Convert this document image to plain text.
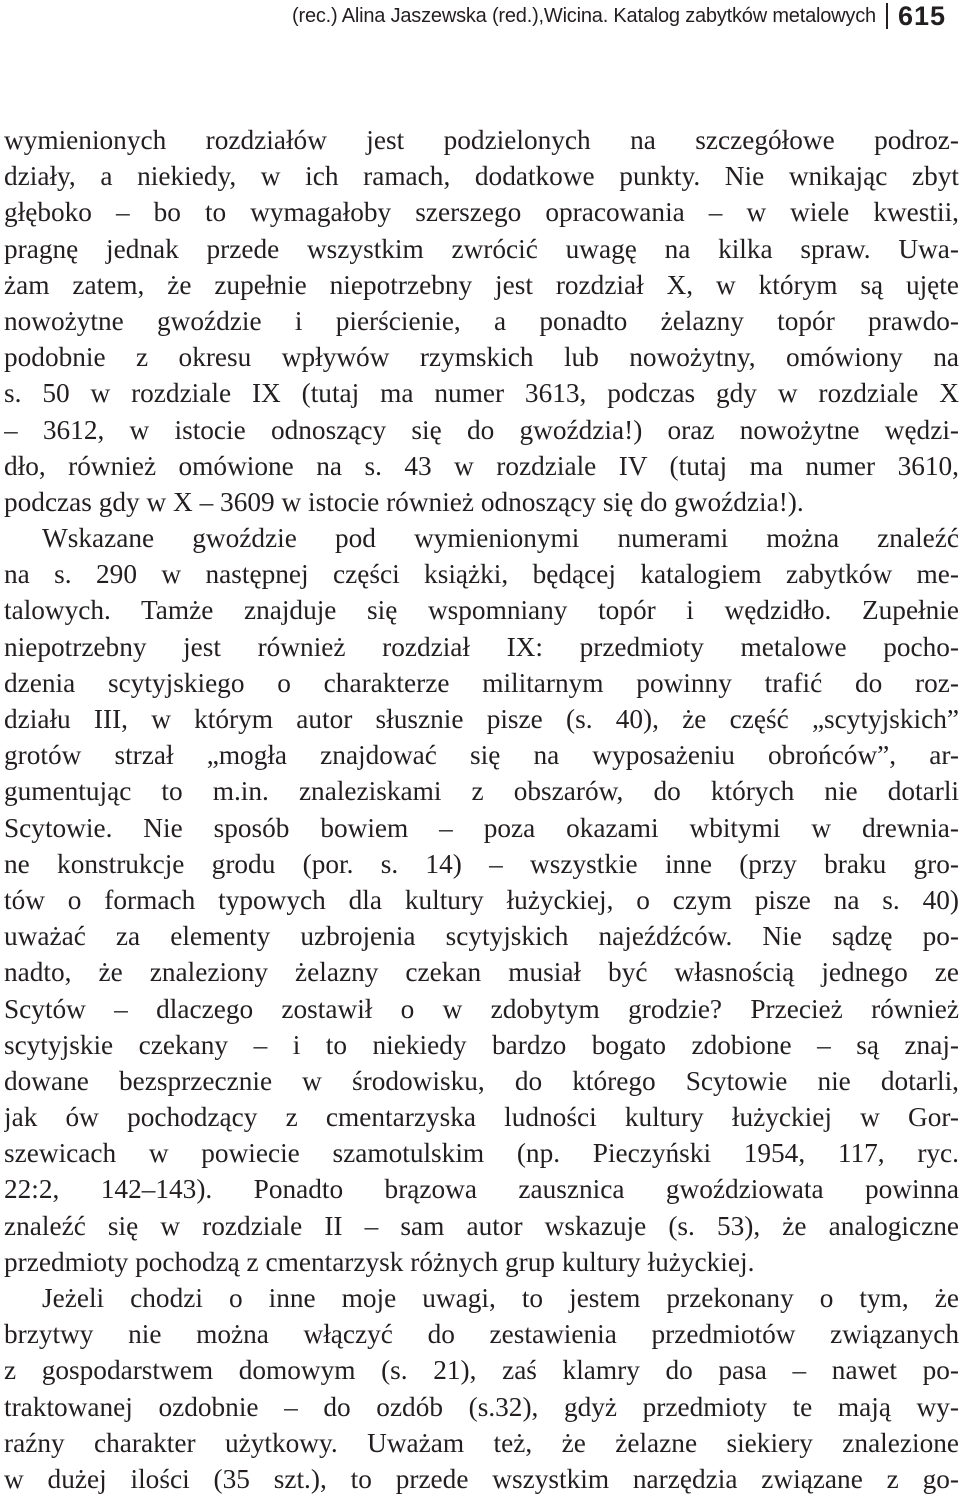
(rec.) Alina Jaszewska (red.), Wicina. Katalog zabytków metalowych 615
wymienionych rozdziałów jest podzielonych na szczegółowe podroz-
działy, a niekiedy, w ich ramach, dodatkowe punkty. Nie wnikając zbyt
głęboko – bo to wymagałoby szerszego opracowania – w wiele kwestii,
pragnę jednak przede wszystkim zwrócić uwagę na kilka spraw. Uwa-
żam zatem, że zupełnie niepotrzebny jest rozdział X, w którym są ujęte
nowożytne gwoździe i pierścienie, a ponadto żelazny topór prawdo-
podobnie z okresu wpływów rzymskich lub nowożytny, omówiony na
s. 50 w rozdziale IX (tutaj ma numer 3613, podczas gdy w rozdziale X
– 3612, w istocie odnoszący się do gwoździa!) oraz nowożytne wędzi-
dło, również omówione na s. 43 w rozdziale IV (tutaj ma numer 3610,
podczas gdy w X – 3609 w istocie również odnoszący się do gwoździa!).
Wskazane gwoździe pod wymienionymi numerami można znaleźć
na s. 290 w następnej części książki, będącej katalogiem zabytków me-
talowych. Tamże znajduje się wspomniany topór i wędzidło. Zupełnie
niepotrzebny jest również rozdział IX: przedmioty metalowe pocho-
dzenia scytyjskiego o charakterze militarnym powinny trafić do roz-
działu III, w którym autor słusznie pisze (s. 40), że część „scytyjskich”
grotów strzał „mogła znajdować się na wyposażeniu obrońców”, ar-
gumentując to m.in. znaleziskami z obszarów, do których nie dotarli
Scytowie. Nie sposób bowiem – poza okazami wbitymi w drewnia-
ne konstrukcje grodu (por. s. 14) – wszystkie inne (przy braku gro-
tów o formach typowych dla kultury łużyckiej, o czym pisze na s. 40)
uważać za elementy uzbrojenia scytyjskich najeźdźców. Nie sądzę po-
nadto, że znaleziony żelazny czekan musiał być własnością jednego ze
Scytów – dlaczego zostawił o w zdobytym grodzie? Przecież również
scytyjskie czekany – i to niekiedy bardzo bogato zdobione – są znaj-
dowane bezsprzecznie w środowisku, do którego Scytowie nie dotarli,
jak ów pochodzący z cmentarzyska ludności kultury łużyckiej w Gor-
szewicach w powiecie szamotulskim (np. Pieczyński 1954, 117, ryc.
22:2, 142–143). Ponadto brązowa zausznica gwoździowata powinna
znaleźć się w rozdziale II – sam autor wskazuje (s. 53), że analogiczne
przedmioty pochodzą z cmentarzysk różnych grup kultury łużyckiej.
Jeżeli chodzi o inne moje uwagi, to jestem przekonany o tym, że
brzytwy nie można włączyć do zestawienia przedmiotów związanych
z gospodarstwem domowym (s. 21), zaś klamry do pasa – nawet po-
traktowanej ozdobnie – do ozdób (s.32), gdyż przedmioty te mają wy-
raźny charakter użytkowy. Uważam też, że żelazne siekiery znalezione
w dużej ilości (35 szt.), to przede wszystkim narzędzia związane z go-
